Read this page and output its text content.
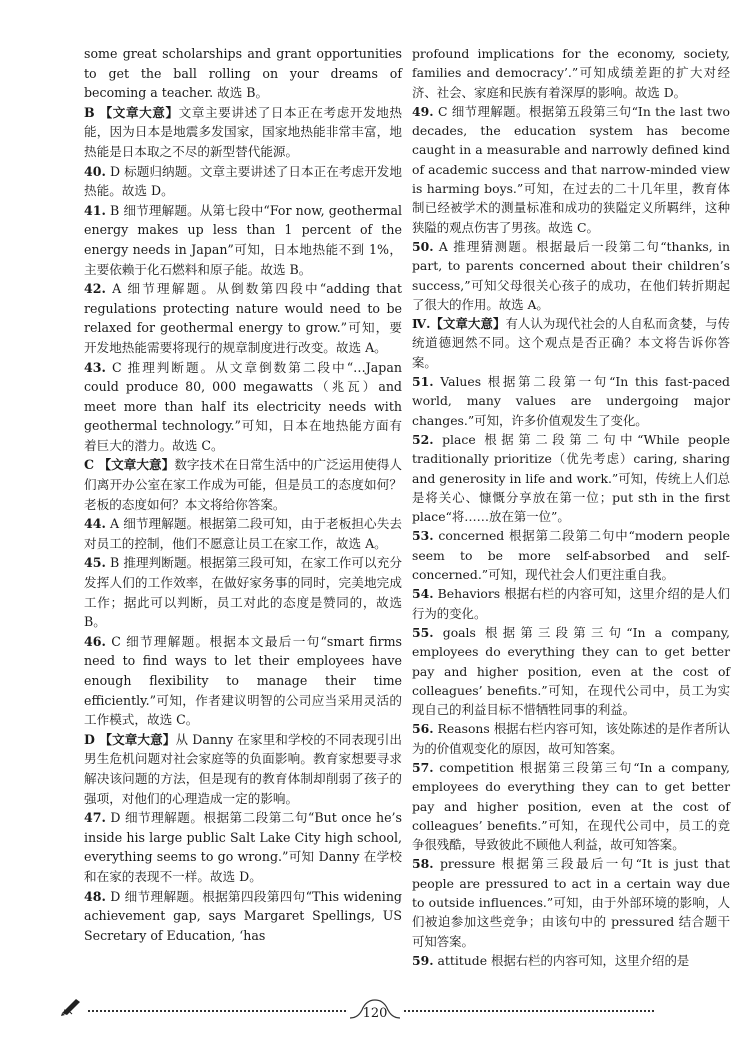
some great scholarships and grant opportunities to get the ball rolling on your dreams of becoming a teacher. 故选 B。

B 【文章大意】文章主要讲述了日本正在考虑开发地热能，因为日本是地震多发国家，国家地热能非常丰富，地热能是日本取之不尽的新型替代能源。

40. D 标题归纳题。文章主要讲述了日本正在考虑开发地热能。故选 D。

41. B 细节理解题。从第七段中“For now, geothermal energy makes up less than 1 percent of the energy needs in Japan”可知，日本地热能不到 1%，主要依赖于化石燃料和原子能。故选 B。

42. A 细节理解题。从倒数第四段中“adding that regulations protecting nature would need to be relaxed for geothermal energy to grow.”可知，要开发地热能需要将现行的规章制度进行改变。故选 A。

43. C 推理判断题。从文章倒数第二段中“…Japan could produce 80, 000 megawatts（兆瓦）and meet more than half its electricity needs with geothermal technology.”可知，日本在地热能方面有着巨大的潜力。故选 C。

C 【文章大意】数字技术在日常生活中的广泛运用使得人们离开办公室在家工作成为可能，但是员工的态度如何？老板的态度如何？本文将给你答案。

44. A 细节理解题。根据第二段可知，由于老板担心失去对员工的控制，他们不愿意让员工在家工作，故选 A。

45. B 推理判断题。根据第三段可知，在家工作可以充分发挥人们的工作效率，在做好家务事的同时，完美地完成工作；据此可以判断，员工对此的态度是赞同的，故选 B。

46. C 细节理解题。根据本文最后一句“smart firms need to find ways to let their employees have enough flexibility to manage their time efficiently.”可知，作者建议明智的公司应当采用灵活的工作模式，故选 C。

D 【文章大意】从 Danny 在家里和学校的不同表现引出男生危机问题对社会家庭等的负面影响。教育家想要寻求解决该问题的方法，但是现有的教育体制却削弱了孩子的强项，对他们的心理造成一定的影响。

47. D 细节理解题。根据第二段第二句“But once he’s inside his large public Salt Lake City high school, everything seems to go wrong.”可知 Danny 在学校和在家的表现不一样。故选 D。

48. D 细节理解题。根据第四段第四句“This widening achievement gap, says Margaret Spellings, US Secretary of Education, ‘has

profound implications for the economy, society, families and democracy’.”可知成绩差距的扩大对经济、社会、家庭和民族有着深厚的影响。故选 D。

49. C 细节理解题。根据第五段第三句“In the last two decades, the education system has become caught in a measurable and narrowly defined kind of academic success and that narrow-minded view is harming boys.”可知，在过去的二十几年里，教育体制已经被学术的测量标准和成功的狭隘定义所羁绊，这种狭隘的观点伤害了男孩。故选 C。

50. A 推理猜测题。根据最后一段第二句“thanks, in part, to parents concerned about their children’s success,”可知父母很关心孩子的成功，在他们转折期起了很大的作用。故选 A。

Ⅳ.【文章大意】有人认为现代社会的人自私而贪婪，与传统道德迥然不同。这个观点是否正确？本文将告诉你答案。

51. Values 根据第二段第一句“In this fast-paced world, many values are undergoing major changes.”可知，许多价值观发生了变化。

52. place 根据第二段第二句中“While people traditionally prioritize（优先考虑）caring, sharing and generosity in life and work.”可知，传统上人们总是将关心、慷慨分享放在第一位；put sth in the first place“将……放在第一位”。

53. concerned 根据第二段第二句中“modern people seem to be more self-absorbed and self-concerned.”可知，现代社会人们更注重自我。

54. Behaviors 根据右栏的内容可知，这里介绍的是人们行为的变化。

55. goals 根据第三段第三句“In a company, employees do everything they can to get better pay and higher position, even at the cost of colleagues’ benefits.”可知，在现代公司中，员工为实现自己的利益目标不惜牺牲同事的利益。

56. Reasons 根据右栏内容可知，该处陈述的是作者所认为的价值观变化的原因，故可知答案。

57. competition 根据第三段第三句“In a company, employees do everything they can to get better pay and higher position, even at the cost of colleagues’ benefits.”可知，在现代公司中，员工的竞争很残酷，导致彼此不顾他人利益，故可知答案。

58. pressure 根据第三段最后一句“It is just that people are pressured to act in a certain way due to outside influences.”可知，由于外部环境的影响，人们被迫参加这些竞争；由该句中的 pressured 结合题干可知答案。

59. attitude 根据右栏的内容可知，这里介绍的是

120
